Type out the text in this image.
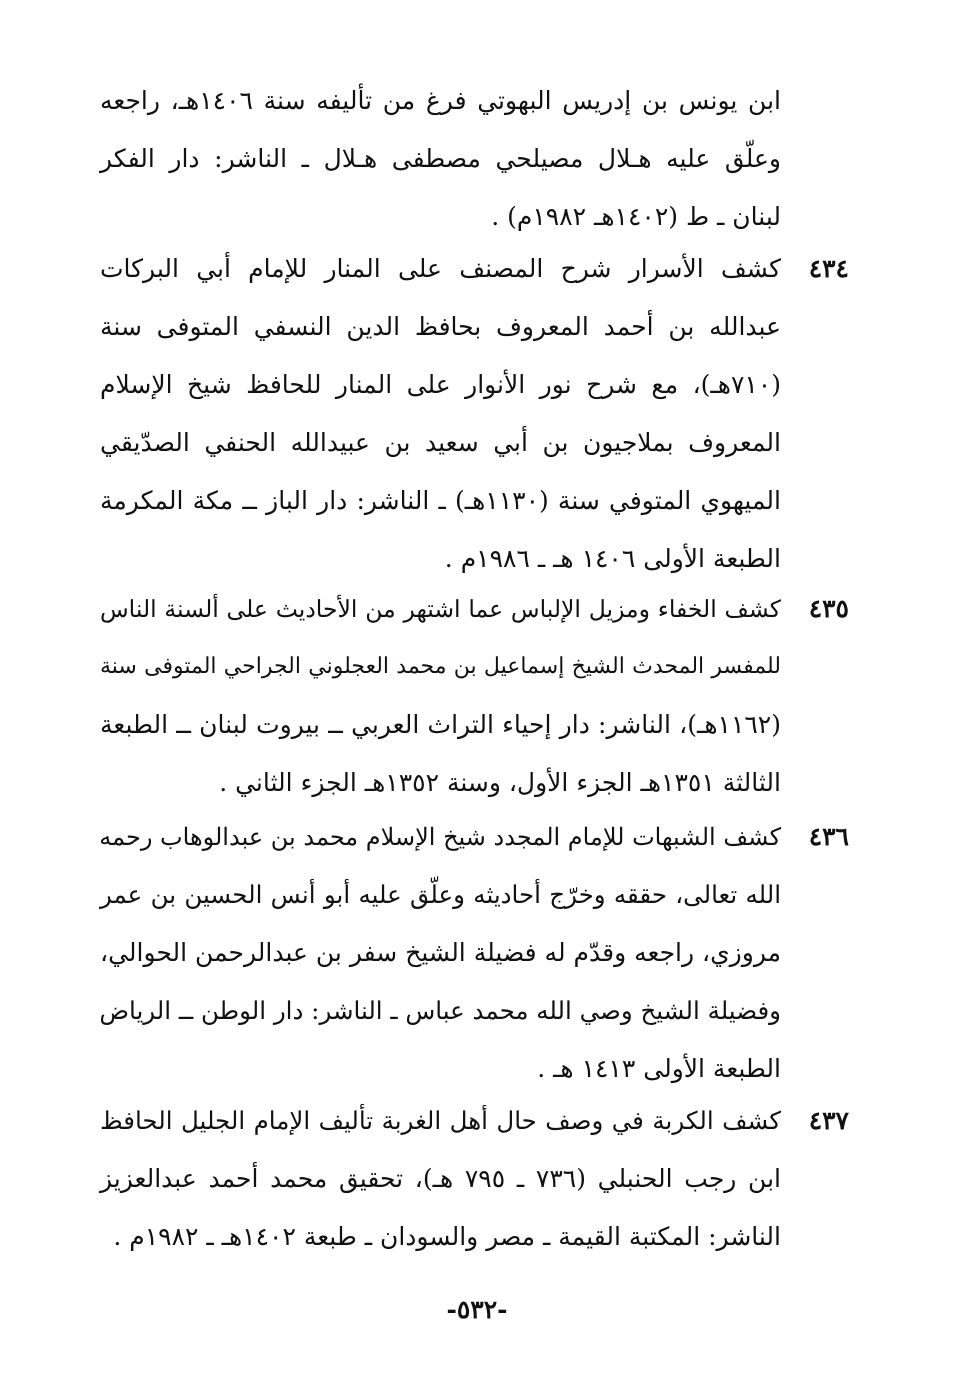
ابن يونس بن إدريس البهوتي فرغ من تأليفه سنة ١٤٠٦هـ، راجعه
وعلّق عليه هـلال مصيلحي مصطفى هـلال ـ الناشر: دار الفكر
لبنان ـ ط (١٤٠٢هـ ١٩٨٢م) .
٤٣٤
كشف الأسرار شرح المصنف على المنار للإمام أبي البركات
عبدالله بن أحمد المعروف بحافظ الدين النسفي المتوفى سنة
(٧١٠هـ)، مع شرح نور الأنوار على المنار للحافظ شيخ الإسلام
المعروف بملاجيون بن أبي سعيد بن عبيدالله الحنفي الصدّيقي
الميهوي المتوفي سنة (١١٣٠هـ) ـ الناشر: دار الباز ــ مكة المكرمة
الطبعة الأولى ١٤٠٦ هـ ـ ١٩٨٦م .
٤٣٥
كشف الخفاء ومزيل الإلباس عما اشتهر من الأحاديث على ألسنة الناس
للمفسر المحدث الشيخ إسماعيل بن محمد العجلوني الجراحي المتوفى سنة
(١١٦٢هـ)، الناشر: دار إحياء التراث العربي ــ بيروت لبنان ــ الطبعة
الثالثة ١٣٥١هـ الجزء الأول، وسنة ١٣٥٢هـ الجزء الثاني .
٤٣٦
كشف الشبهات للإمام المجدد شيخ الإسلام محمد بن عبدالوهاب رحمه
الله تعالى، حققه وخرّج أحاديثه وعلّق عليه أبو أنس الحسين بن عمر
مروزي، راجعه وقدّم له فضيلة الشيخ سفر بن عبدالرحمن الحوالي،
وفضيلة الشيخ وصي الله محمد عباس ـ الناشر: دار الوطن ــ الرياض
الطبعة الأولى ١٤١٣ هـ .
٤٣٧
كشف الكربة في وصف حال أهل الغربة تأليف الإمام الجليل الحافظ
ابن رجب الحنبلي (٧٣٦ ـ ٧٩٥ هـ)، تحقيق محمد أحمد عبدالعزيز
الناشر: المكتبة القيمة ـ مصر والسودان ـ طبعة ١٤٠٢هـ ـ ١٩٨٢م .
-٥٣٢-
